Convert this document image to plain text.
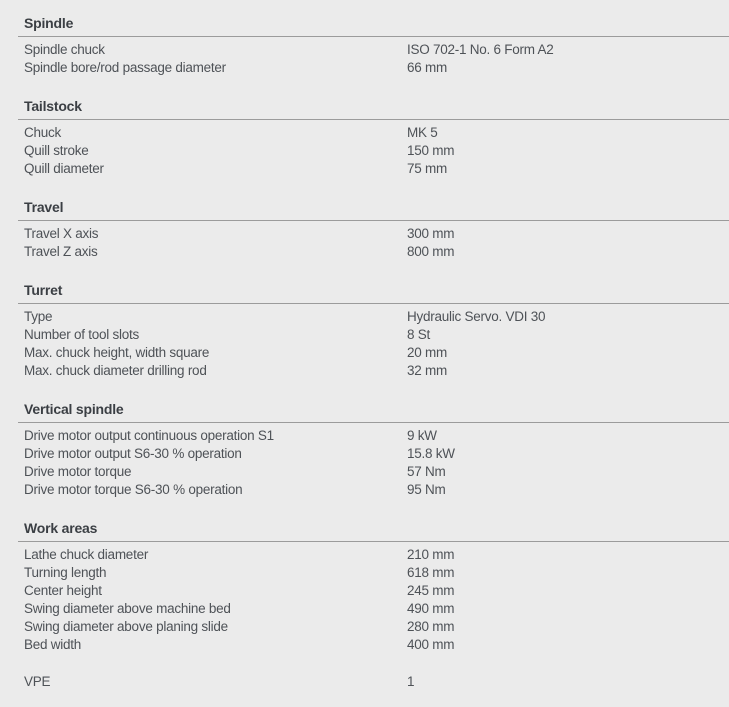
Spindle
Spindle chuck	ISO 702-1 No. 6 Form A2
Spindle bore/rod passage diameter	66 mm
Tailstock
Chuck	MK 5
Quill stroke	150 mm
Quill diameter	75 mm
Travel
Travel X axis	300 mm
Travel Z axis	800 mm
Turret
Type	Hydraulic Servo. VDI 30
Number of tool slots	8 St
Max. chuck height, width square	20 mm
Max. chuck diameter drilling rod	32 mm
Vertical spindle
Drive motor output continuous operation S1	9 kW
Drive motor output S6-30 % operation	15.8 kW
Drive motor torque	57 Nm
Drive motor torque S6-30 % operation	95 Nm
Work areas
Lathe chuck diameter	210 mm
Turning length	618 mm
Center height	245 mm
Swing diameter above machine bed	490 mm
Swing diameter above planing slide	280 mm
Bed width	400 mm
VPE	1
